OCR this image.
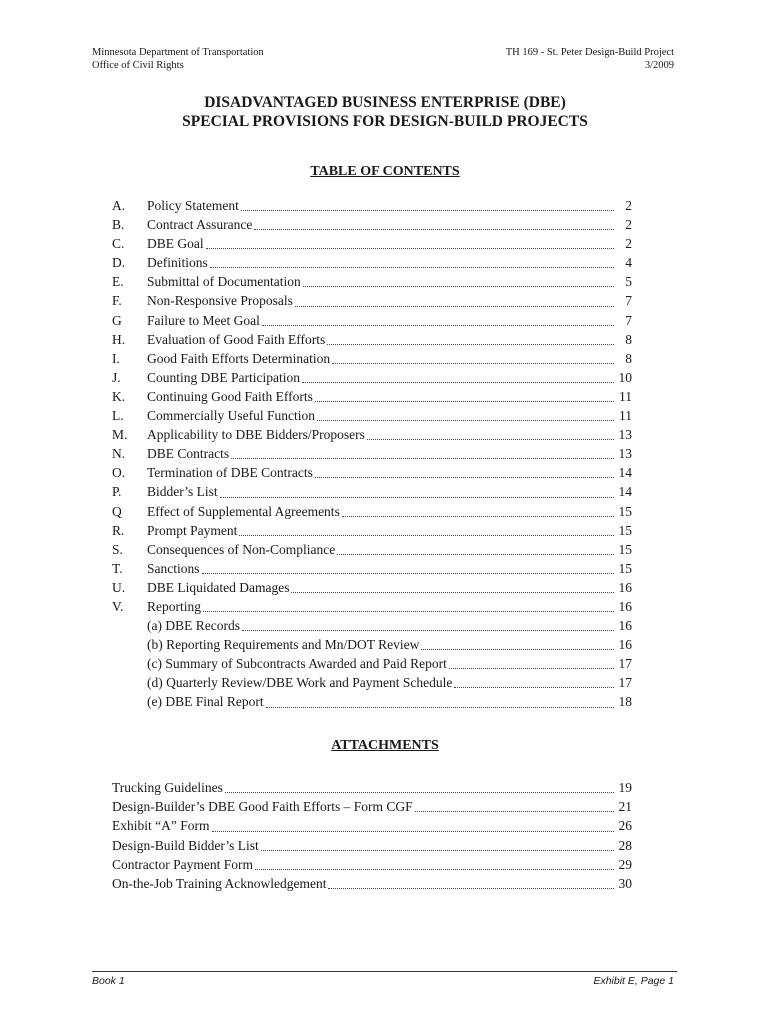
Minnesota Department of Transportation
Office of Civil Rights
TH 169 - St. Peter Design-Build Project
3/2009
DISADVANTAGED BUSINESS ENTERPRISE (DBE)
SPECIAL PROVISIONS FOR DESIGN-BUILD PROJECTS
TABLE OF CONTENTS
A.	Policy Statement	2
B.	Contract Assurance	2
C.	DBE Goal	2
D.	Definitions	4
E.	Submittal of Documentation	5
F.	Non-Responsive Proposals	7
G	Failure to Meet Goal	7
H.	Evaluation of Good Faith Efforts	8
I.	Good Faith Efforts Determination	8
J.	Counting DBE Participation	10
K.	Continuing Good Faith Efforts	11
L.	Commercially Useful Function	11
M.	Applicability to DBE Bidders/Proposers	13
N.	DBE Contracts	13
O.	Termination of DBE Contracts	14
P.	Bidder’s List	14
Q	Effect of Supplemental Agreements	15
R.	Prompt Payment	15
S.	Consequences of Non-Compliance	15
T.	Sanctions	15
U.	DBE Liquidated Damages	16
V.	Reporting	16
(a) DBE Records	16
(b) Reporting Requirements and Mn/DOT Review	16
(c) Summary of Subcontracts Awarded and Paid Report	17
(d) Quarterly Review/DBE Work and Payment Schedule	17
(e) DBE Final Report	18
ATTACHMENTS
Trucking Guidelines	19
Design-Builder’s DBE Good Faith Efforts – Form CGF	21
Exhibit “A” Form	26
Design-Build Bidder’s List	28
Contractor Payment Form	29
On-the-Job Training Acknowledgement	30
Book 1	Exhibit E, Page 1
